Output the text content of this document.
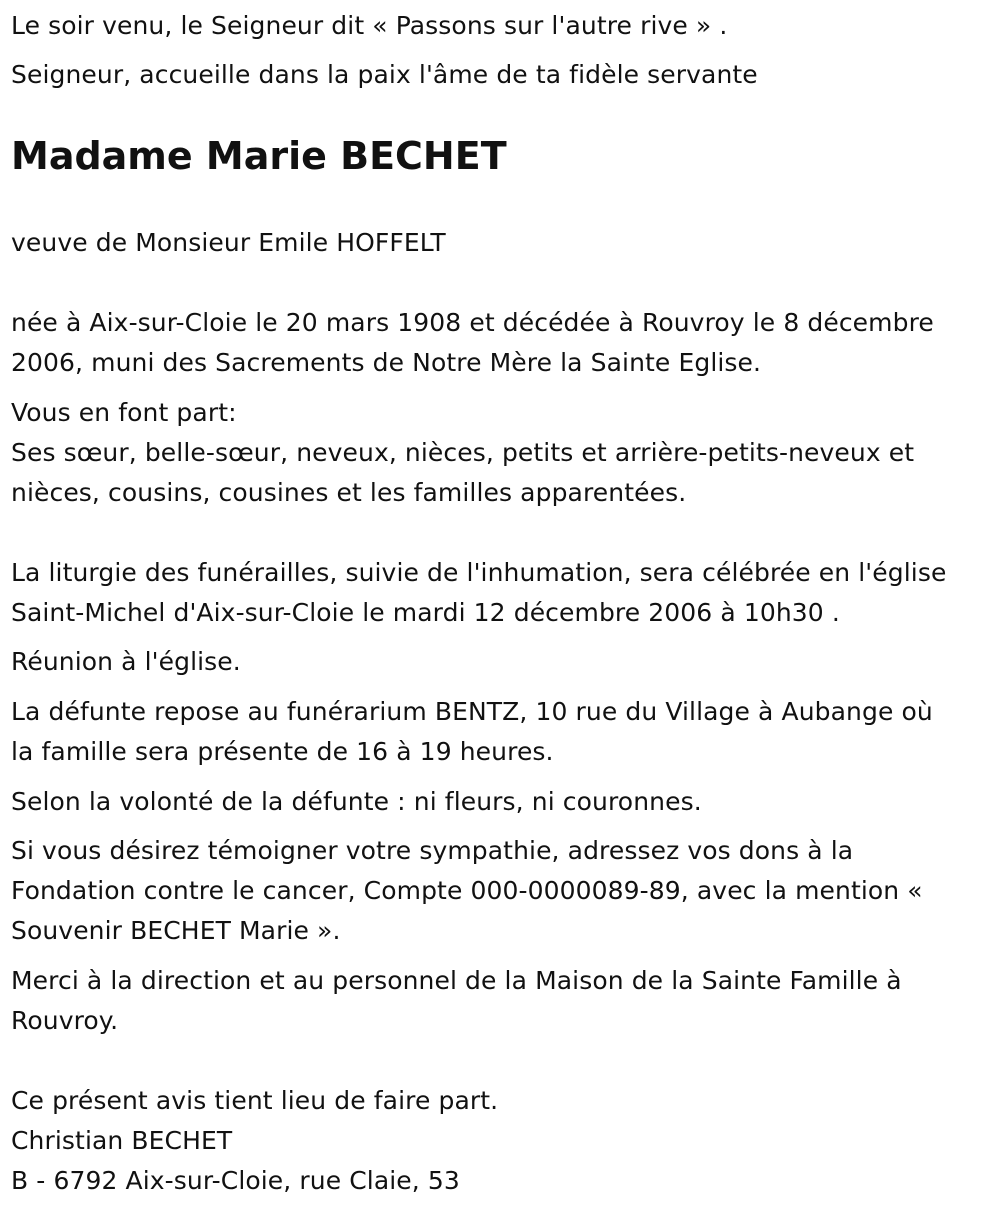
Le soir venu, le Seigneur dit « Passons sur l'autre rive » .

Seigneur, accueille dans la paix l'âme de ta fidèle servante

Madame Marie BECHET

veuve de Monsieur Emile HOFFELT

née à Aix-sur-Cloie le 20 mars 1908 et décédée à Rouvroy le 8 décembre

2006, muni des Sacrements de Notre Mère la Sainte Eglise.

Vous en font part:

Ses sœur, belle-sœur, neveux, nièces, petits et arrière-petits-neveux et

nièces, cousins, cousines et les familles apparentées.

La liturgie des funérailles, suivie de l'inhumation, sera célébrée en l'église

Saint-Michel d'Aix-sur-Cloie le mardi 12 décembre 2006 à 10h30 .

Réunion à l'église.

La défunte repose au funérarium BENTZ, 10 rue du Village à Aubange où

la famille sera présente de 16 à 19 heures.

Selon la volonté de la défunte : ni fleurs, ni couronnes.

Si vous désirez témoigner votre sympathie, adressez vos dons à la

Fondation contre le cancer, Compte 000-0000089-89, avec la mention «

Souvenir BECHET Marie ».

Merci à la direction et au personnel de la Maison de la Sainte Famille à

Rouvroy.

Ce présent avis tient lieu de faire part.

Christian BECHET

B - 6792 Aix-sur-Cloie, rue Claie, 53
